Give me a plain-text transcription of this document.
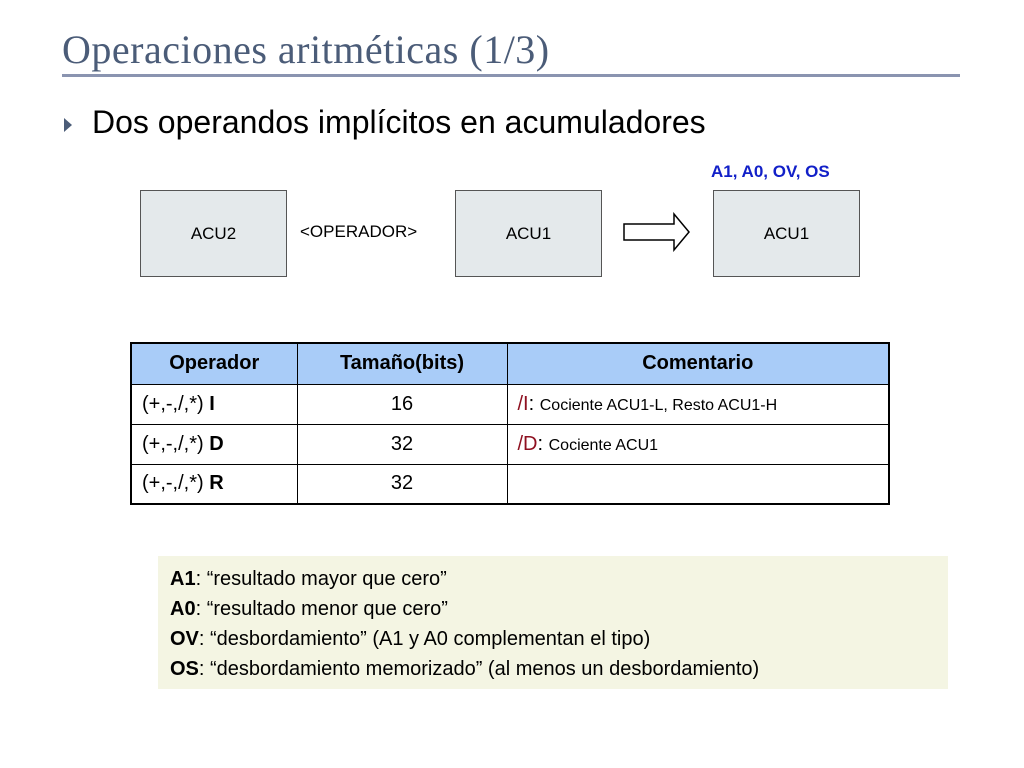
Operaciones aritméticas (1/3)
Dos operandos implícitos en acumuladores
A1, A0, OV, OS
ACU2	<OPERADOR>	ACU1	ACU1
Operador	Tamaño(bits)	Comentario
(+,-,/,*) I	16	/I: Cociente ACU1-L, Resto ACU1-H
(+,-,/,*) D	32	/D: Cociente ACU1
(+,-,/,*) R	32	
A1: “resultado mayor que cero”
A0: “resultado menor que cero”
OV: “desbordamiento” (A1 y A0 complementan el tipo)
OS: “desbordamiento memorizado” (al menos un desbordamiento)
